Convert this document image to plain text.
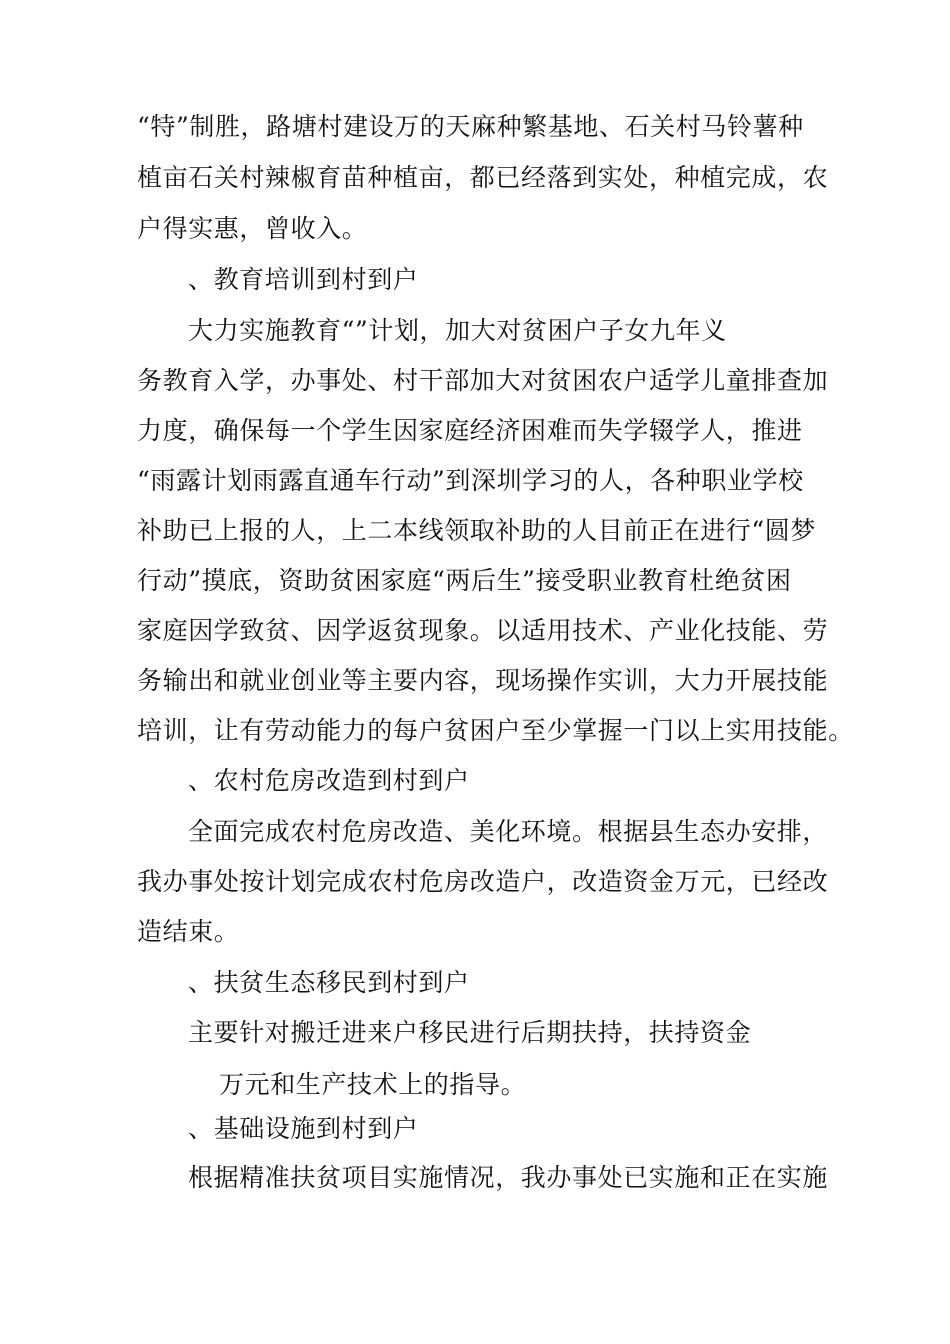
“特”制胜，路塘村建设万的天麻种繁基地、石关村马铃薯种
植亩石关村辣椒育苗种植亩，都已经落到实处，种植完成，农
户得实惠，曾收入。
、教育培训到村到户
大力实施教育“”计划，加大对贫困户子女九年义
务教育入学，办事处、村干部加大对贫困农户适学儿童排查加
力度，确保每一个学生因家庭经济困难而失学辍学人，推进
“雨露计划雨露直通车行动”到深圳学习的人，各种职业学校
补助已上报的人，上二本线领取补助的人目前正在进行“圆梦
行动”摸底，资助贫困家庭“两后生”接受职业教育杜绝贫困
家庭因学致贫、因学返贫现象。以适用技术、产业化技能、劳
务输出和就业创业等主要内容，现场操作实训，大力开展技能
培训，让有劳动能力的每户贫困户至少掌握一门以上实用技能。
、农村危房改造到村到户
全面完成农村危房改造、美化环境。根据县生态办安排，
我办事处按计划完成农村危房改造户，改造资金万元，已经改
造结束。
、扶贫生态移民到村到户
主要针对搬迁进来户移民进行后期扶持，扶持资金
万元和生产技术上的指导。
、基础设施到村到户
根据精准扶贫项目实施情况，我办事处已实施和正在实施
